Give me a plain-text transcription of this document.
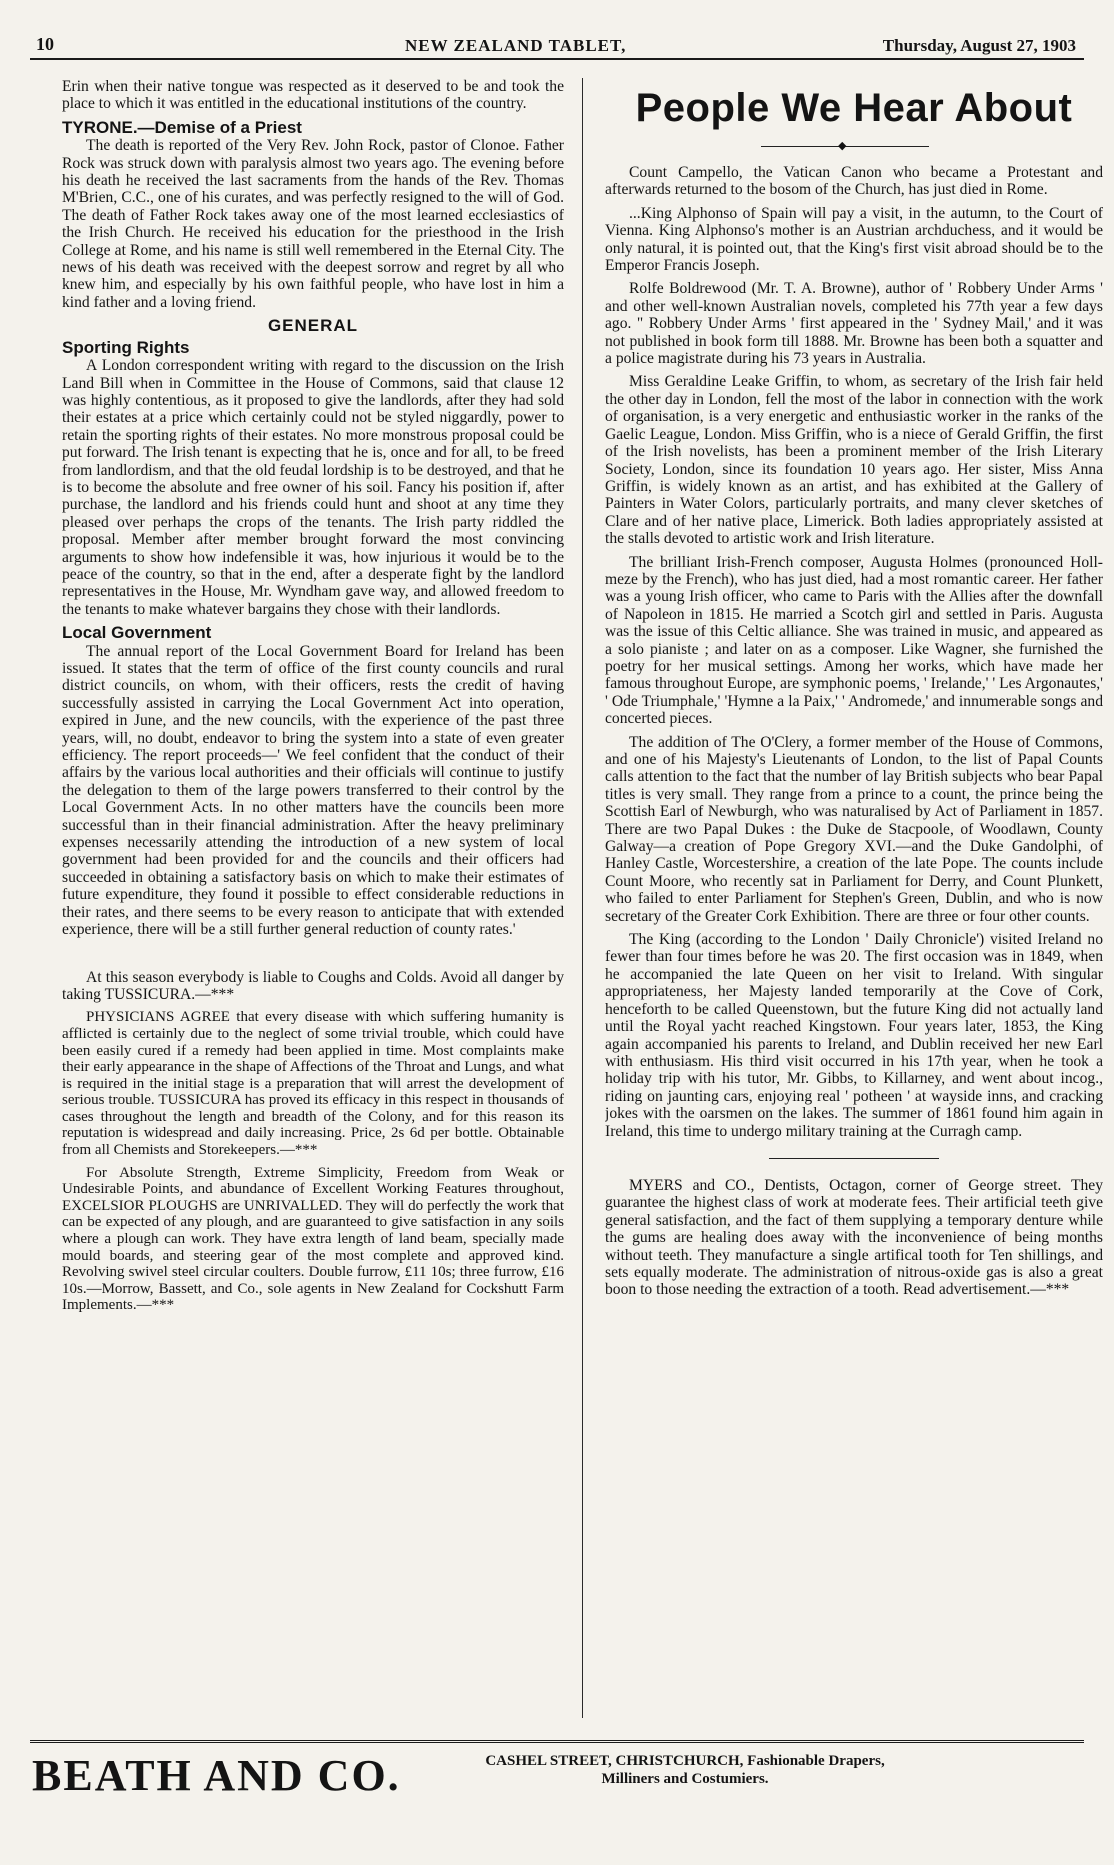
10	NEW ZEALAND TABLET,	Thursday, August 27, 1903

Erin when their native tongue was respected as it deserved to be and took the place to which it was entitled in the educational institutions of the country.

TYRONE.—Demise of a Priest

The death is reported of the Very Rev. John Rock, pastor of Clonoe. Father Rock was struck down with paralysis almost two years ago. The evening before his death he received the last sacraments from the hands of the Rev. Thomas M'Brien, C.C., one of his curates, and was perfectly resigned to the will of God. The death of Father Rock takes away one of the most learned ecclesiastics of the Irish Church. He received his education for the priesthood in the Irish College at Rome, and his name is still well remembered in the Eternal City. The news of his death was received with the deepest sorrow and regret by all who knew him, and especially by his own faithful people, who have lost in him a kind father and a loving friend.

GENERAL
Sporting Rights

A London correspondent writing with regard to the discussion on the Irish Land Bill when in Committee in the House of Commons, said that clause 12 was highly contentious, as it proposed to give the landlords, after they had sold their estates at a price which certainly could not be styled niggardly, power to retain the sporting rights of their estates. No more monstrous proposal could be put forward. The Irish tenant is expecting that he is, once and for all, to be freed from landlordism, and that the old feudal lordship is to be destroyed, and that he is to become the absolute and free owner of his soil. Fancy his position if, after purchase, the landlord and his friends could hunt and shoot at any time they pleased over perhaps the crops of the tenants. The Irish party riddled the proposal. Member after member brought forward the most convincing arguments to show how indefensible it was, how injurious it would be to the peace of the country, so that in the end, after a desperate fight by the landlord representatives in the House, Mr. Wyndham gave way, and allowed freedom to the tenants to make whatever bargains they chose with their landlords.

Local Government

The annual report of the Local Government Board for Ireland has been issued. It states that the term of office of the first county councils and rural district councils, on whom, with their officers, rests the credit of having successfully assisted in carrying the Local Government Act into operation, expired in June, and the new councils, with the experience of the past three years, will, no doubt, endeavor to bring the system into a state of even greater efficiency. The report proceeds—' We feel confident that the conduct of their affairs by the various local authorities and their officials will continue to justify the delegation to them of the large powers transferred to their control by the Local Government Acts. In no other matters have the councils been more successful than in their financial administration. After the heavy preliminary expenses necessarily attending the introduction of a new system of local government had been provided for and the councils and their officers had succeeded in obtaining a satisfactory basis on which to make their estimates of future expenditure, they found it possible to effect considerable reductions in their rates, and there seems to be every reason to anticipate that with extended experience, there will be a still further general reduction of county rates.'

At this season everybody is liable to Coughs and Colds. Avoid all danger by taking TUSSICURA.—***

PHYSICIANS AGREE that every disease with which suffering humanity is afflicted is certainly due to the neglect of some trivial trouble, which could have been easily cured if a remedy had been applied in time. Most complaints make their early appearance in the shape of Affections of the Throat and Lungs, and what is required in the initial stage is a preparation that will arrest the development of serious trouble. TUSSICURA has proved its efficacy in this respect in thousands of cases throughout the length and breadth of the Colony, and for this reason its reputation is widespread and daily increasing. Price, 2s 6d per bottle. Obtainable from all Chemists and Storekeepers.—***

For Absolute Strength, Extreme Simplicity, Freedom from Weak or Undesirable Points, and abundance of Excellent Working Features throughout, EXCELSIOR PLOUGHS are UNRIVALLED. They will do perfectly the work that can be expected of any plough, and are guaranteed to give satisfaction in any soils where a plough can work. They have extra length of land beam, specially made mould boards, and steering gear of the most complete and approved kind. Revolving swivel steel circular coulters. Double furrow, £11 10s; three furrow, £16 10s.—Morrow, Bassett, and Co., sole agents in New Zealand for Cockshutt Farm Implements.—***

People We Hear About
◆

Count Campello, the Vatican Canon who became a Protestant and afterwards returned to the bosom of the Church, has just died in Rome.

...King Alphonso of Spain will pay a visit, in the autumn, to the Court of Vienna. King Alphonso's mother is an Austrian archduchess, and it would be only natural, it is pointed out, that the King's first visit abroad should be to the Emperor Francis Joseph.

Rolfe Boldrewood (Mr. T. A. Browne), author of ' Robbery Under Arms ' and other well-known Australian novels, completed his 77th year a few days ago. " Robbery Under Arms ' first appeared in the ' Sydney Mail,' and it was not published in book form till 1888. Mr. Browne has been both a squatter and a police magistrate during his 73 years in Australia.

Miss Geraldine Leake Griffin, to whom, as secretary of the Irish fair held the other day in London, fell the most of the labor in connection with the work of organisation, is a very energetic and enthusiastic worker in the ranks of the Gaelic League, London. Miss Griffin, who is a niece of Gerald Griffin, the first of the Irish novelists, has been a prominent member of the Irish Literary Society, London, since its foundation 10 years ago. Her sister, Miss Anna Griffin, is widely known as an artist, and has exhibited at the Gallery of Painters in Water Colors, particularly portraits, and many clever sketches of Clare and of her native place, Limerick. Both ladies appropriately assisted at the stalls devoted to artistic work and Irish literature.

The brilliant Irish-French composer, Augusta Holmes (pronounced Holl-meze by the French), who has just died, had a most romantic career. Her father was a young Irish officer, who came to Paris with the Allies after the downfall of Napoleon in 1815. He married a Scotch girl and settled in Paris. Augusta was the issue of this Celtic alliance. She was trained in music, and appeared as a solo pianiste ; and later on as a composer. Like Wagner, she furnished the poetry for her musical settings. Among her works, which have made her famous throughout Europe, are symphonic poems, ' Irelande,' ' Les Argonautes,' ' Ode Triumphale,' 'Hymne a la Paix,' ' Andromede,' and innumerable songs and concerted pieces.

The addition of The O'Clery, a former member of the House of Commons, and one of his Majesty's Lieutenants of London, to the list of Papal Counts calls attention to the fact that the number of lay British subjects who bear Papal titles is very small. They range from a prince to a count, the prince being the Scottish Earl of Newburgh, who was naturalised by Act of Parliament in 1857. There are two Papal Dukes : the Duke de Stacpoole, of Woodlawn, County Galway—a creation of Pope Gregory XVI.—and the Duke Gandolphi, of Hanley Castle, Worcestershire, a creation of the late Pope. The counts include Count Moore, who recently sat in Parliament for Derry, and Count Plunkett, who failed to enter Parliament for Stephen's Green, Dublin, and who is now secretary of the Greater Cork Exhibition. There are three or four other counts.

The King (according to the London ' Daily Chronicle') visited Ireland no fewer than four times before he was 20. The first occasion was in 1849, when he accompanied the late Queen on her visit to Ireland. With singular appropriateness, her Majesty landed temporarily at the Cove of Cork, henceforth to be called Queenstown, but the future King did not actually land until the Royal yacht reached Kingstown. Four years later, 1853, the King again accompanied his parents to Ireland, and Dublin received her new Earl with enthusiasm. His third visit occurred in his 17th year, when he took a holiday trip with his tutor, Mr. Gibbs, to Killarney, and went about incog., riding on jaunting cars, enjoying real ' potheen ' at wayside inns, and cracking jokes with the oarsmen on the lakes. The summer of 1861 found him again in Ireland, this time to undergo military training at the Curragh camp.

MYERS and CO., Dentists, Octagon, corner of George street. They guarantee the highest class of work at moderate fees. Their artificial teeth give general satisfaction, and the fact of them supplying a temporary denture while the gums are healing does away with the inconvenience of being months without teeth. They manufacture a single artifical tooth for Ten shillings, and sets equally moderate. The administration of nitrous-oxide gas is also a great boon to those needing the extraction of a tooth. Read advertisement.—***

BEATH AND CO.	CASHEL STREET, CHRISTCHURCH, Fashionable Drapers,
Milliners and Costumiers.
